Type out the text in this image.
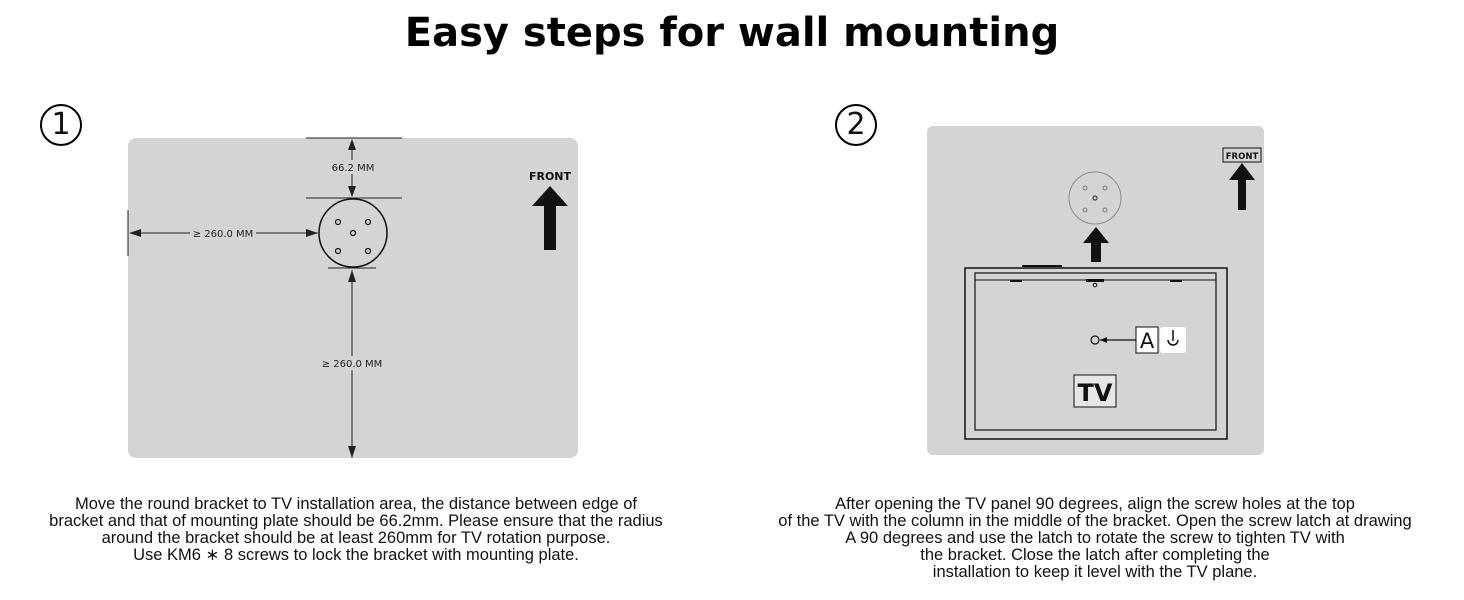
Easy steps for wall mounting
1
66.2 MM
≥ 260.0 MM
≥ 260.0 MM
FRONT
Move the round bracket to TV installation area, the distance between edge of
bracket and that of mounting plate should be 66.2mm. Please ensure that the radius
around the bracket should be at least 260mm for TV rotation purpose.
Use KM6 ∗ 8 screws to lock the bracket with mounting plate.
2
FRONT
A
TV
After opening the TV panel 90 degrees, align the screw holes at the top
of the TV with the column in the middle of the bracket. Open the screw latch at drawing
A 90 degrees and use the latch to rotate the screw to tighten TV with
the bracket. Close the latch after completing the
installation to keep it level with the TV plane.
